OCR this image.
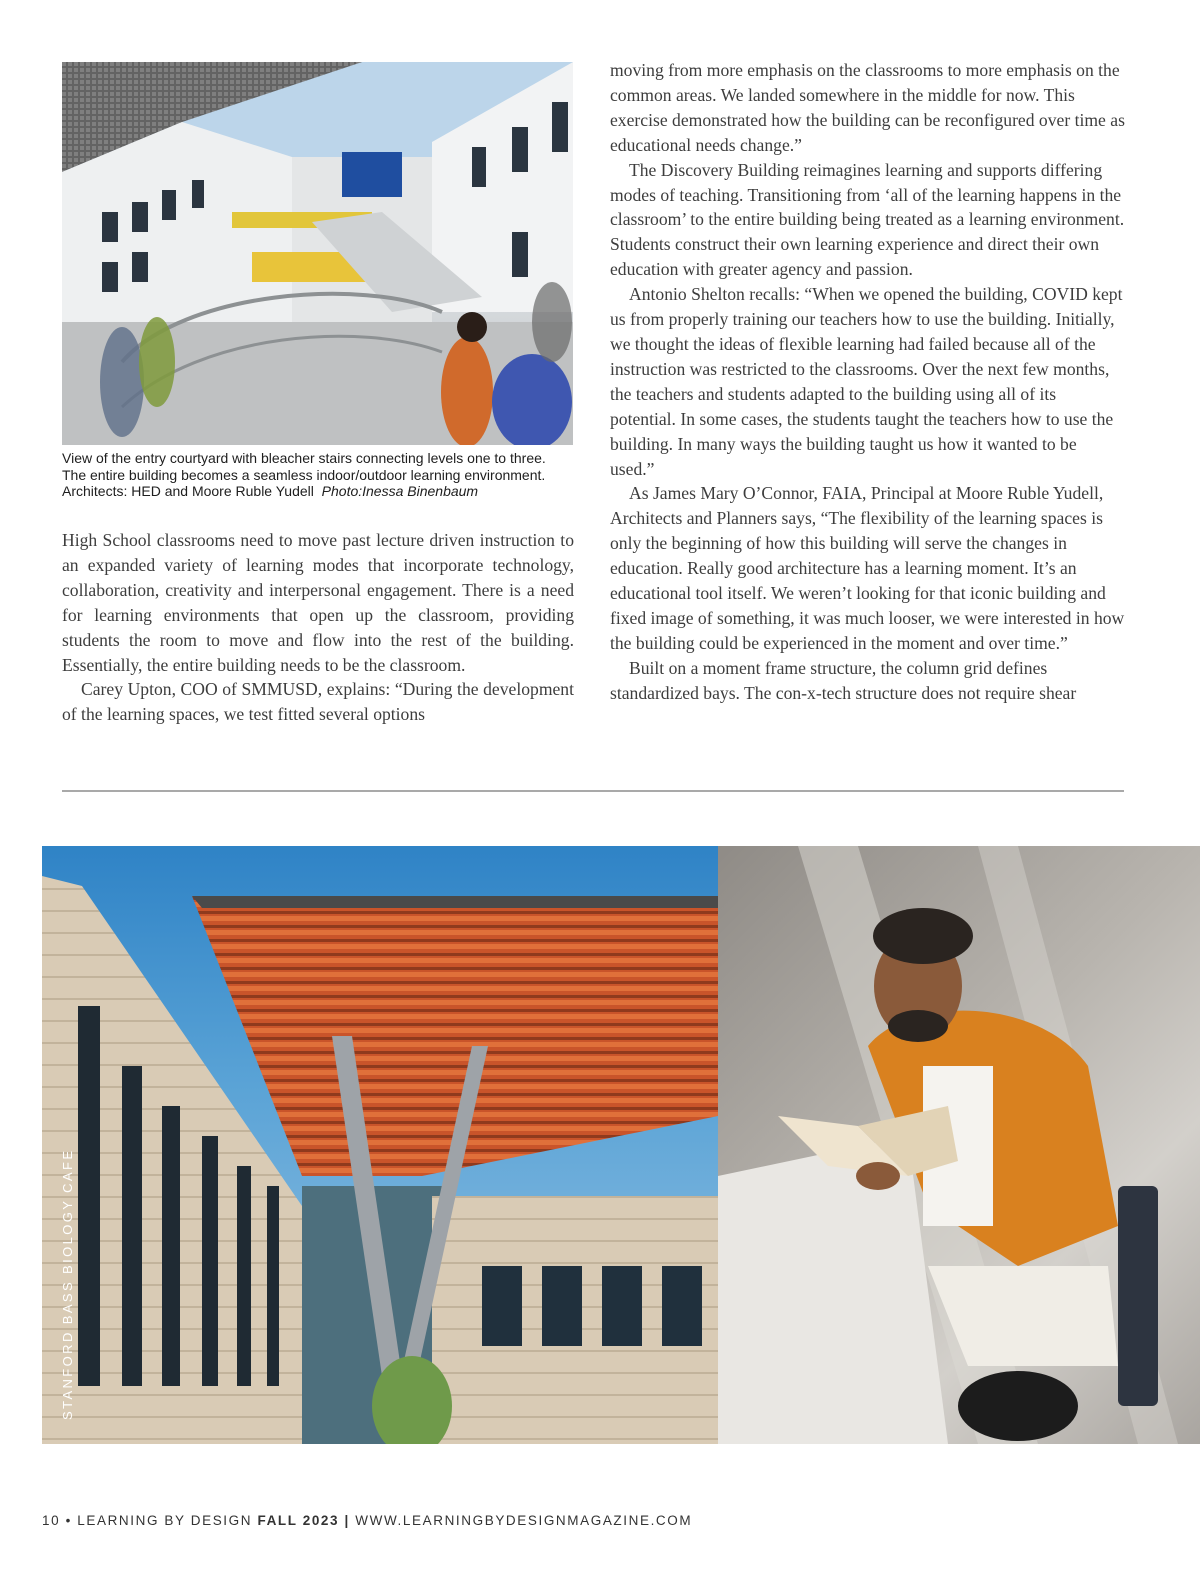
View of the entry courtyard with bleacher stairs connecting levels one to three.
The entire building becomes a seamless indoor/outdoor learning environment.
Architects: HED and Moore Ruble Yudell Photo:Inessa Binenbaum

High School classrooms need to move past lecture driven instruction to an expanded variety of learning modes that incorporate technology, collaboration, creativity and interpersonal engagement. There is a need for learning environments that open up the classroom, providing students the room to move and flow into the rest of the building. Essentially, the entire building needs to be the classroom.

Carey Upton, COO of SMMUSD, explains: “During the development of the learning spaces, we test fitted several options

moving from more emphasis on the classrooms to more emphasis on the common areas. We landed somewhere in the middle for now. This exercise demonstrated how the building can be reconfigured over time as educational needs change.”

The Discovery Building reimagines learning and supports differing modes of teaching. Transitioning from ‘all of the learning happens in the classroom’ to the entire building being treated as a learning environment. Students construct their own learning experience and direct their own education with greater agency and passion.

Antonio Shelton recalls: “When we opened the building, COVID kept us from properly training our teachers how to use the building. Initially, we thought the ideas of flexible learning had failed because all of the instruction was restricted to the classrooms. Over the next few months, the teachers and students adapted to the building using all of its potential. In some cases, the students taught the teachers how to use the building. In many ways the building taught us how it wanted to be used.”

As James Mary O’Connor, FAIA, Principal at Moore Ruble Yudell, Architects and Planners says, “The flexibility of the learning spaces is only the beginning of how this building will serve the changes in education. Really good architecture has a learning moment. It’s an educational tool itself. We weren’t looking for that iconic building and fixed image of something, it was much looser, we were interested in how the building could be experienced in the moment and over time.”

Built on a moment frame structure, the column grid defines standardized bays. The con-x-tech structure does not require shear

STANFORD BASS BIOLOGY CAFE
10 • LEARNING BY DESIGN FALL 2023 | WWW.LEARNINGBYDESIGNMAGAZINE.COM
